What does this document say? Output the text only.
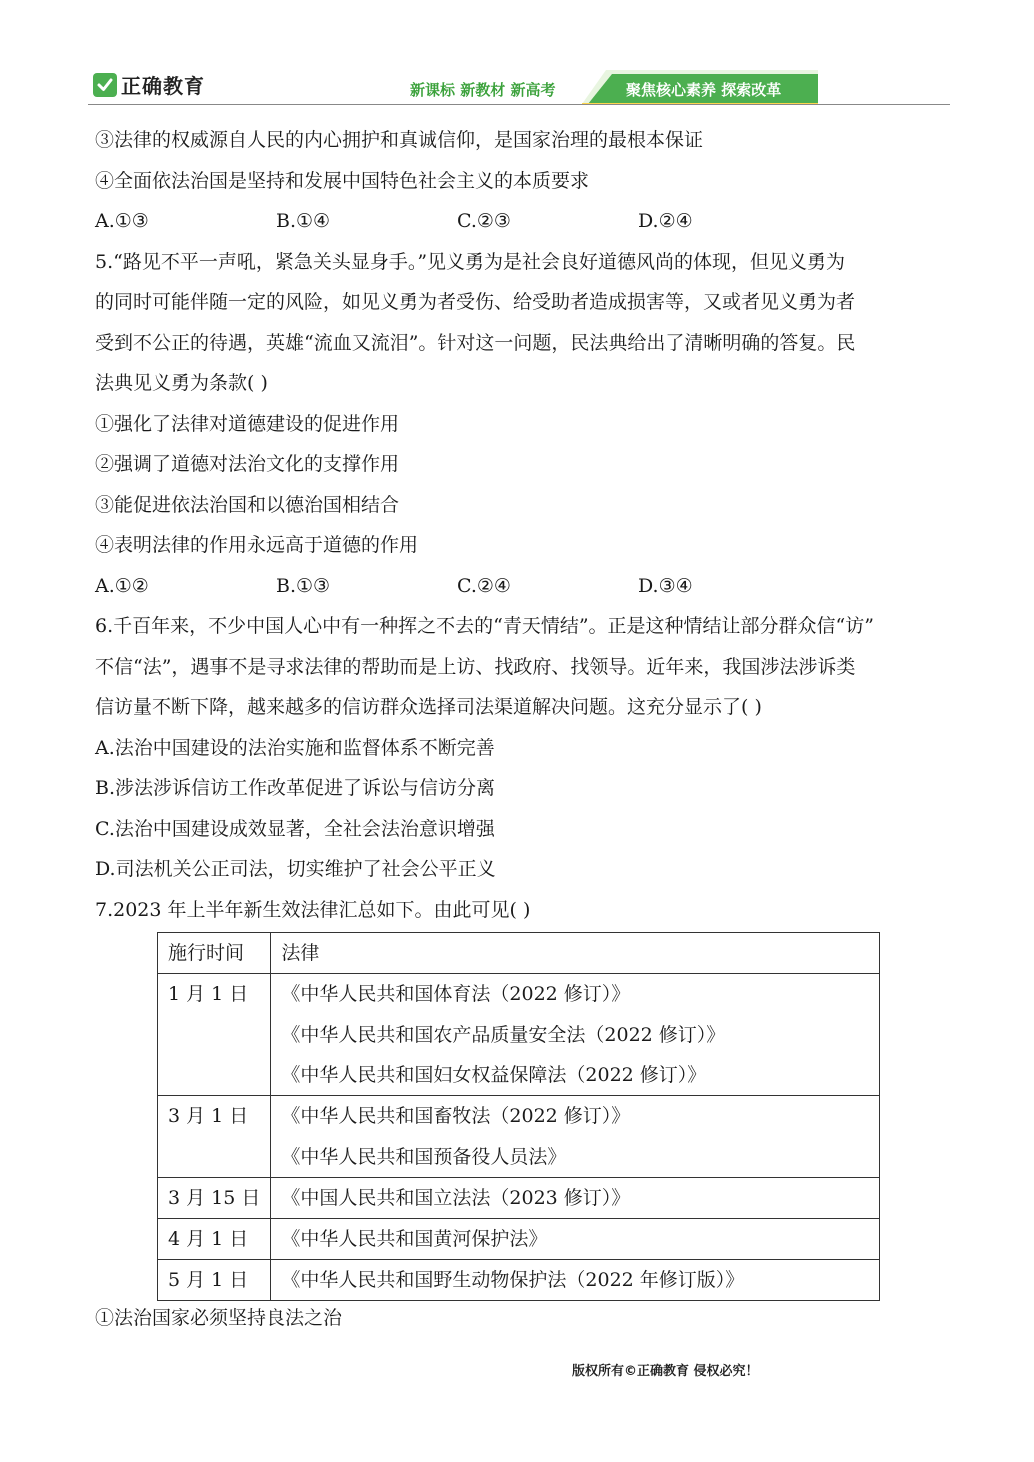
正确教育	新课标 新教材 新高考	聚焦核心素养 探索改革
③法律的权威源自人民的内心拥护和真诚信仰，是国家治理的最根本保证
④全面依法治国是坚持和发展中国特色社会主义的本质要求
A.①③	B.①④	C.②③	D.②④
5.“路见不平一声吼，紧急关头显身手。”见义勇为是社会良好道德风尚的体现，但见义勇为
的同时可能伴随一定的风险，如见义勇为者受伤、给受助者造成损害等，又或者见义勇为者
受到不公正的待遇，英雄“流血又流泪”。针对这一问题，民法典给出了清晰明确的答复。民
法典见义勇为条款( )
①强化了法律对道德建设的促进作用
②强调了道德对法治文化的支撑作用
③能促进依法治国和以德治国相结合
④表明法律的作用永远高于道德的作用
A.①②	B.①③	C.②④	D.③④
6.千百年来，不少中国人心中有一种挥之不去的“青天情结”。正是这种情结让部分群众信“访”
不信“法”，遇事不是寻求法律的帮助而是上访、找政府、找领导。近年来，我国涉法涉诉类
信访量不断下降，越来越多的信访群众选择司法渠道解决问题。这充分显示了( )
A.法治中国建设的法治实施和监督体系不断完善
B.涉法涉诉信访工作改革促进了诉讼与信访分离
C.法治中国建设成效显著，全社会法治意识增强
D.司法机关公正司法，切实维护了社会公平正义
7.2023 年上半年新生效法律汇总如下。由此可见( )
施行时间	法律

1 月 1 日	《中华人民共和国体育法（2022 修订）》
《中华人民共和国农产品质量安全法（2022 修订）》
《中华人民共和国妇女权益保障法（2022 修订）》

3 月 1 日	《中华人民共和国畜牧法（2022 修订）》
《中华人民共和国预备役人员法》

3 月 15 日	《中国人民共和国立法法（2023 修订）》

4 月 1 日	《中华人民共和国黄河保护法》

5 月 1 日	《中华人民共和国野生动物保护法（2022 年修订版）》
①法治国家必须坚持良法之治
版权所有©正确教育 侵权必究！
